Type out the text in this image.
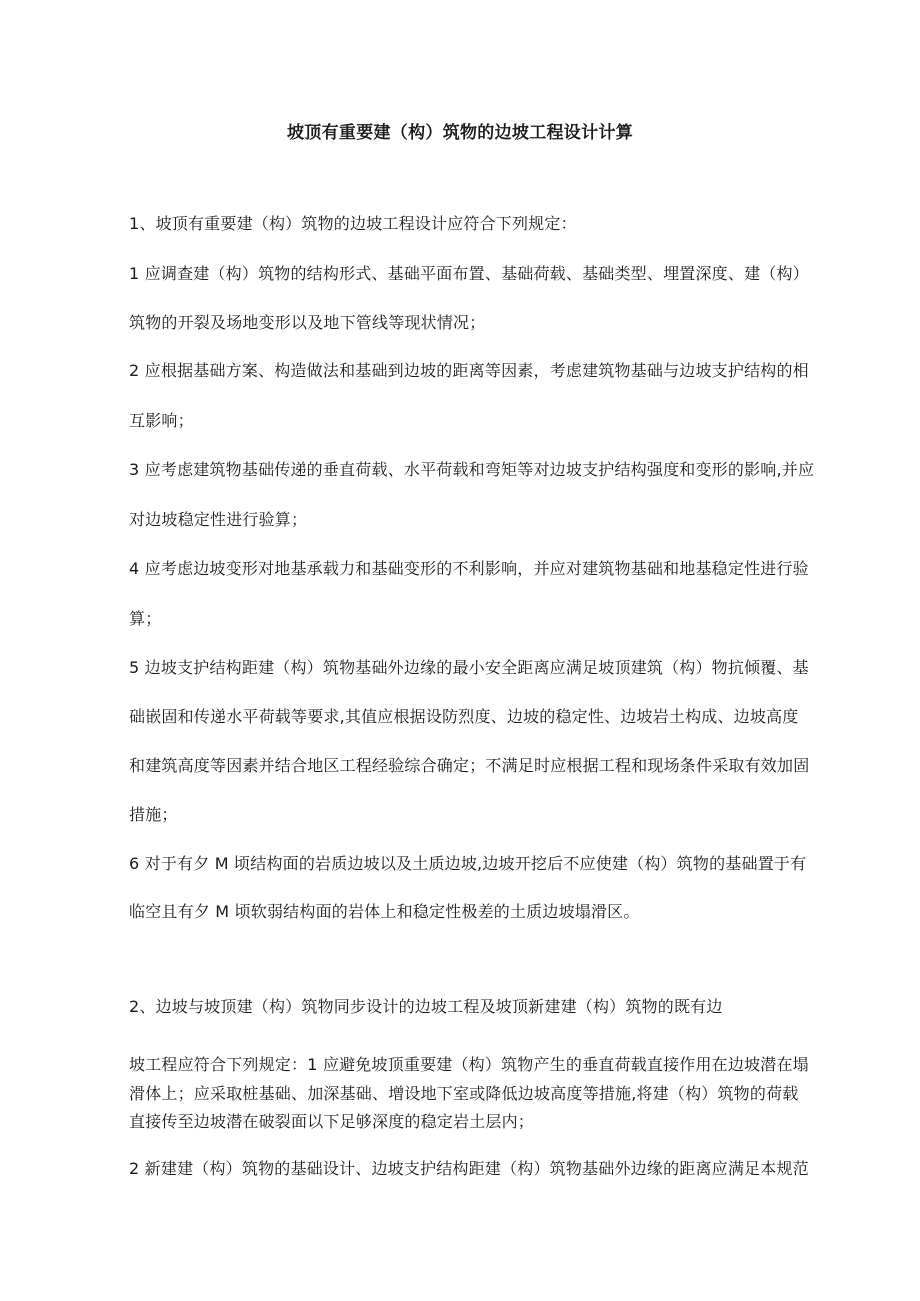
坡顶有重要建（构）筑物的边坡工程设计计算
1、坡顶有重要建（构）筑物的边坡工程设计应符合下列规定：
1 应调查建（构）筑物的结构形式、基础平面布置、基础荷载、基础类型、埋置深度、建（构）
筑物的开裂及场地变形以及地下管线等现状情况；
2 应根据基础方案、构造做法和基础到边坡的距离等因素，考虑建筑物基础与边坡支护结构的相
互影响；
3 应考虑建筑物基础传递的垂直荷载、水平荷载和弯矩等对边坡支护结构强度和变形的影响,并应
对边坡稳定性进行验算；
4 应考虑边坡变形对地基承载力和基础变形的不利影响，并应对建筑物基础和地基稳定性进行验
算；
5 边坡支护结构距建（构）筑物基础外边缘的最小安全距离应满足坡顶建筑（构）物抗倾覆、基
础嵌固和传递水平荷载等要求,其值应根据设防烈度、边坡的稳定性、边坡岩土构成、边坡高度
和建筑高度等因素并结合地区工程经验综合确定；不满足时应根据工程和现场条件采取有效加固
措施；
6 对于有夕 M 顷结构面的岩质边坡以及土质边坡,边坡开挖后不应使建（构）筑物的基础置于有
临空且有夕 M 顷软弱结构面的岩体上和稳定性极差的土质边坡塌滑区。
2、边坡与坡顶建（构）筑物同步设计的边坡工程及坡顶新建建（构）筑物的既有边
坡工程应符合下列规定：1 应避免坡顶重要建（构）筑物产生的垂直荷载直接作用在边坡潜在塌
滑体上；应采取桩基础、加深基础、增设地下室或降低边坡高度等措施,将建（构）筑物的荷载
直接传至边坡潜在破裂面以下足够深度的稳定岩土层内；
2 新建建（构）筑物的基础设计、边坡支护结构距建（构）筑物基础外边缘的距离应满足本规范
